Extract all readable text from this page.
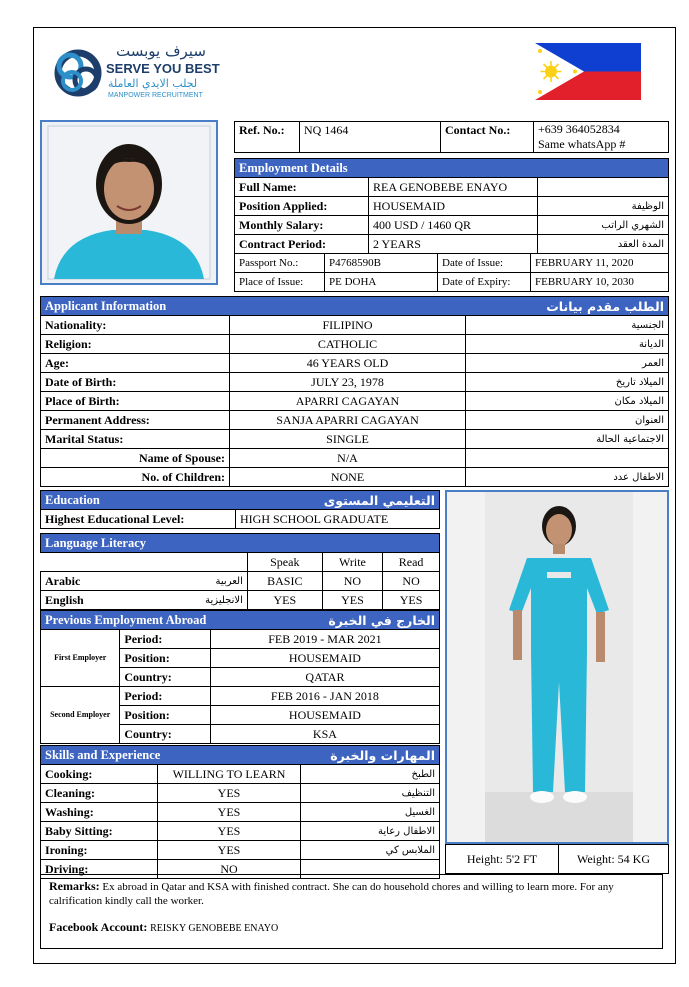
سيرف يوبست
SERVE YOU BEST
لجلب الايدي العاملة
MANPOWER RECRUITMENT
Ref. No.:	NQ 1464	Contact No.:	+639 364052834
Same whatsApp #
Employment Details		
Full Name:	REA GENOBEBE ENAYO	
Position Applied:	HOUSEMAID	الوظيفة
Monthly Salary:	400 USD / 1460 QR	الشهري الراتب
Contract Period:	2 YEARS	المدة العقد
Passport No.:	P4768590B	Date of Issue:	FEBRUARY 11, 2020
Place of Issue:	PE DOHA	Date of Expiry:	FEBRUARY 10, 2030
Applicant Information		الطلب مقدم بيانات
Nationality:	FILIPINO	الجنسية
Religion:	CATHOLIC	الديانة
Age:	46 YEARS OLD	العمر
Date of Birth:	JULY 23, 1978	الميلاد تاريخ
Place of Birth:	APARRI CAGAYAN	الميلاد مكان
Permanent Address:	SANJA APARRI CAGAYAN	العنوان
Marital Status:	SINGLE	الاجتماعية الحالة
Name of Spouse:	N/A	
No. of Children:	NONE	الاطفال عدد
Education	التعليمي المستوى
Highest Educational Level:	HIGH SCHOOL GRADUATE
Language Literacy				
		Speak	Write	Read
Arabic	العربية	BASIC	NO	NO
English	الانجليزية	YES	YES	YES
Previous Employment Abroad		الخارج في الخبرة
First Employer	Period:	FEB 2019 - MAR 2021
	Position:	HOUSEMAID
	Country:	QATAR
Second Employer	Period:	FEB 2016 - JAN 2018
	Position:	HOUSEMAID
	Country:	KSA
Skills and Experience		المهارات والخبرة
Cooking:	WILLING TO LEARN	الطبخ
Cleaning:	YES	التنظيف
Washing:	YES	الغسيل
Baby Sitting:	YES	الاطفال رعاية
Ironing:	YES	الملابس كي
Driving:	NO	
Height: 5'2 FT	Weight: 54 KG
Remarks: Ex abroad in Qatar and KSA with finished contract. She can do household chores and willing to learn more. For any calrification kindly call the worker.
Facebook Account: REISKY GENOBEBE ENAYO
